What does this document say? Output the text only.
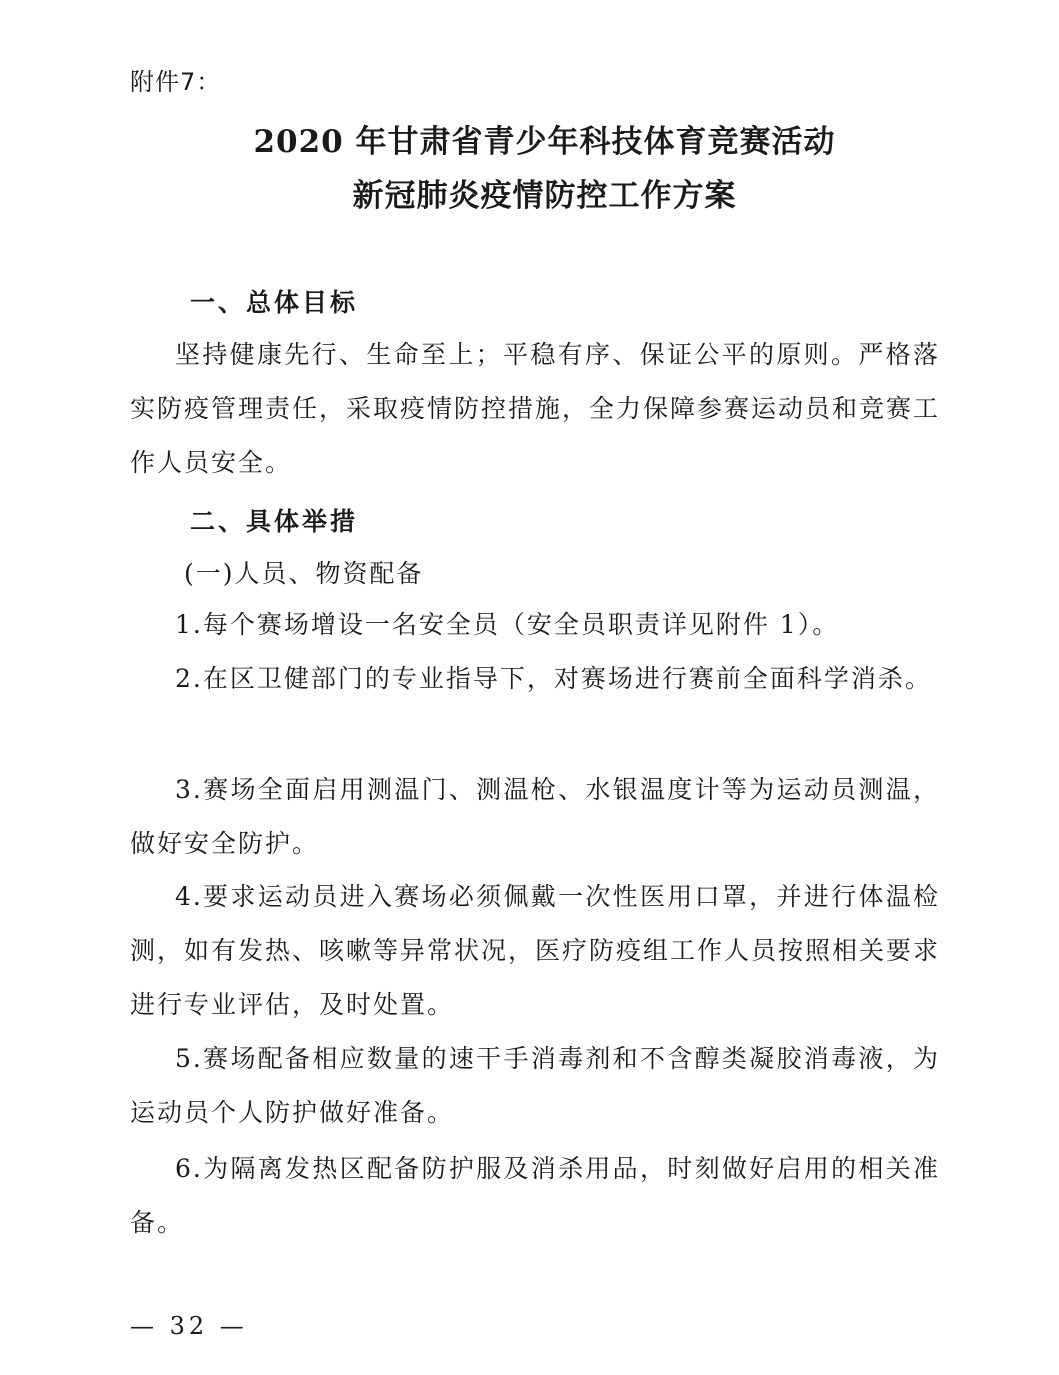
附件7：

2020 年甘肃省青少年科技体育竞赛活动
新冠肺炎疫情防控工作方案
一、总体目标

坚持健康先行、生命至上；平稳有序、保证公平的原则。严格落实防疫管理责任，采取疫情防控措施，全力保障参赛运动员和竞赛工作人员安全。

二、具体举措

(一)人员、物资配备

1.每个赛场增设一名安全员（安全员职责详见附件 1）。

2.在区卫健部门的专业指导下，对赛场进行赛前全面科学消杀。

3.赛场全面启用测温门、测温枪、水银温度计等为运动员测温，做好安全防护。

4.要求运动员进入赛场必须佩戴一次性医用口罩，并进行体温检测，如有发热、咳嗽等异常状况，医疗防疫组工作人员按照相关要求进行专业评估，及时处置。

5.赛场配备相应数量的速干手消毒剂和不含醇类凝胶消毒液，为运动员个人防护做好准备。

6.为隔离发热区配备防护服及消杀用品，时刻做好启用的相关准备。

— 32 —
